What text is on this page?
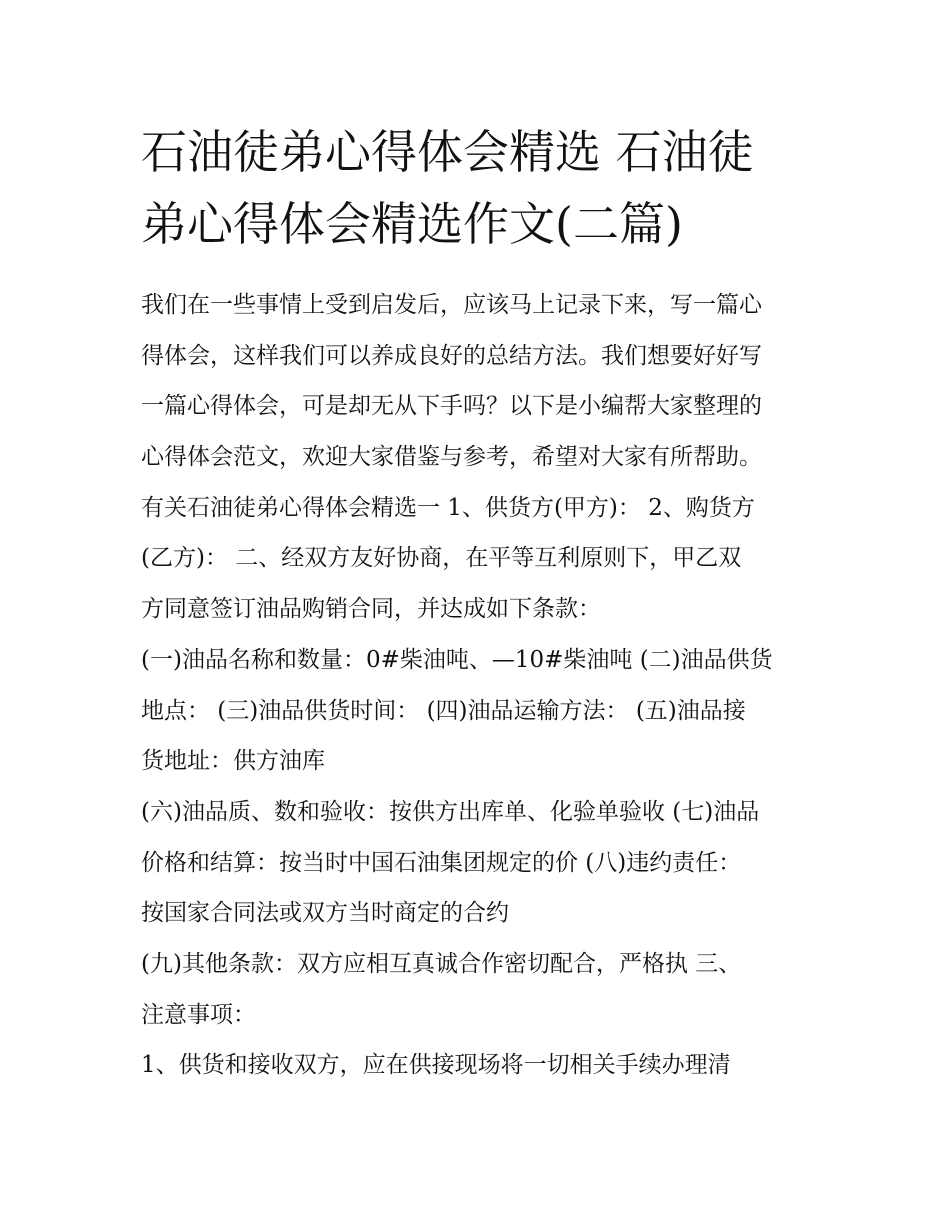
石油徒弟心得体会精选 石油徒
弟心得体会精选作文(二篇)
我们在一些事情上受到启发后，应该马上记录下来，写一篇心
得体会，这样我们可以养成良好的总结方法。我们想要好好写
一篇心得体会，可是却无从下手吗？以下是小编帮大家整理的
心得体会范文，欢迎大家借鉴与参考，希望对大家有所帮助。
有关石油徒弟心得体会精选一 1、供货方(甲方)： 2、购货方
(乙方)： 二、经双方友好协商，在平等互利原则下，甲乙双
方同意签订油品购销合同，并达成如下条款：
(一)油品名称和数量：0#柴油吨、—10#柴油吨 (二)油品供货
地点： (三)油品供货时间： (四)油品运输方法： (五)油品接
货地址：供方油库
(六)油品质、数和验收：按供方出库单、化验单验收 (七)油品
价格和结算：按当时中国石油集团规定的价 (八)违约责任：
按国家合同法或双方当时商定的合约
(九)其他条款：双方应相互真诚合作密切配合，严格执 三、
注意事项：
1、供货和接收双方，应在供接现场将一切相关手续办理清
